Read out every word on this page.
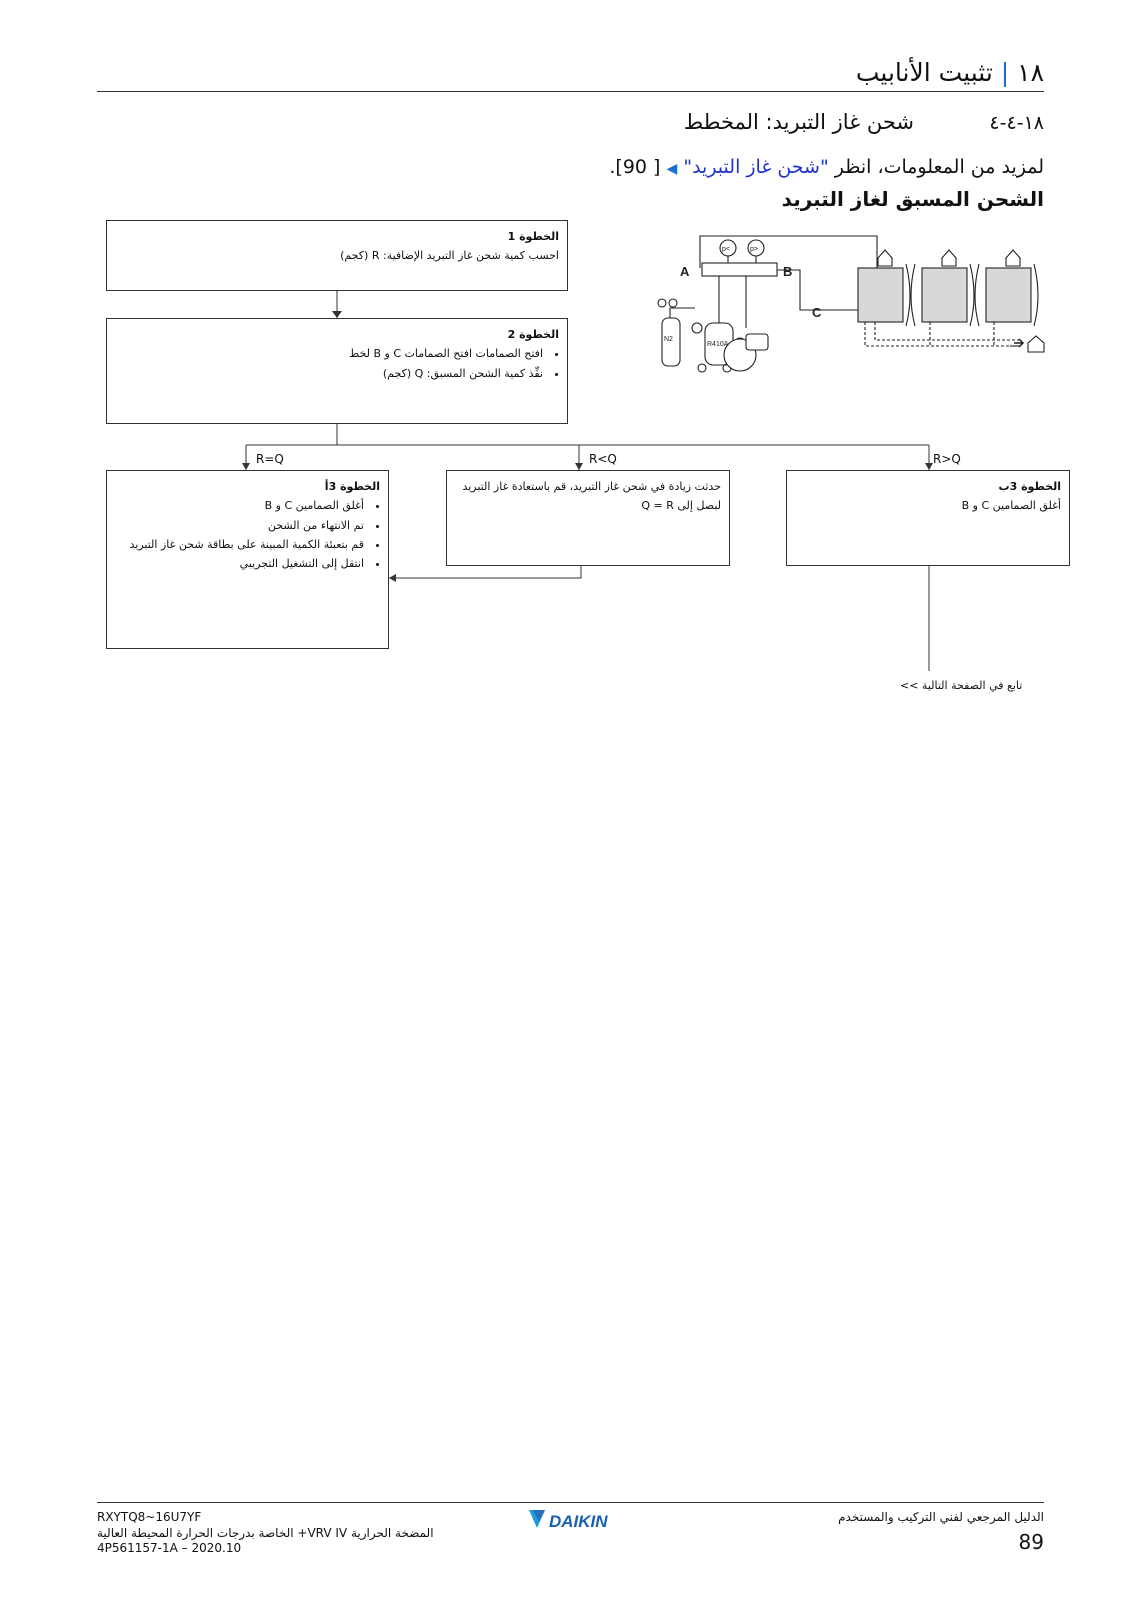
١٨ | تثبيت الأنابيب
١٨-٤-٤
شحن غاز التبريد: المخطط
لمزيد من المعلومات، انظر "شحن غاز التبريد" ◀ [ 90].
الشحن المسبق لغاز التبريد
R=Q	R<Q	R>Q
الخطوة 1
احسب كمية شحن غاز التبريد الإضافية: R (كجم)
الخطوة 2
• افتح الصمامات افتح الصمامات C و B لخط
• نفِّذ كمية الشحن المسبق: Q (كجم)
الخطوة 3أ
• أغلق الصمامين C و B
• تم الانتهاء من الشحن
• قم بتعبئة الكمية المبينة على بطاقة شحن غاز التبريد
• انتقل إلى التشغيل التجريبي
حدثت زيادة في شحن غاز التبريد، قم باستعادة غاز التبريد لبصل إلى Q = R
الخطوة 3ب
أغلق الصمامين C و B
تابع في الصفحة التالية >>
A	B
C
N2
R410A
p<	p>
RXYTQ8~16U7YF
المضخة الحرارية VRV IV+ الخاصة بدرجات الحرارة المحيطة العالية
4P561157-1A – 2020.10
DAIKIN	الدليل المرجعي لفني التركيب والمستخدم
89
